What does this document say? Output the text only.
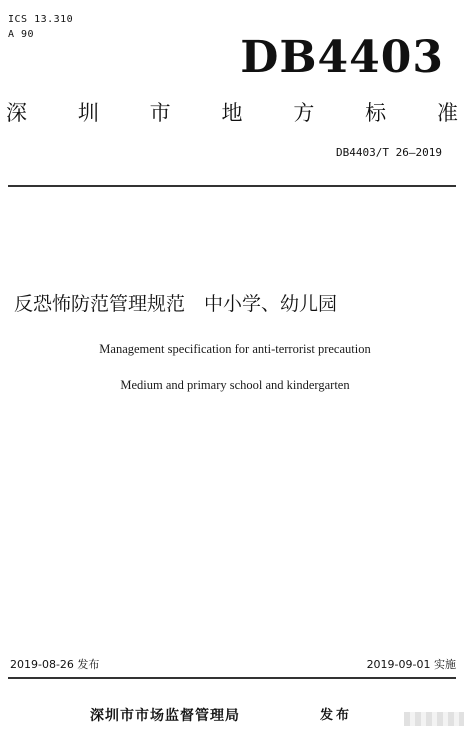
ICS 13.310
A 90	DB4403
深 圳 市 地 方 标 准
DB4403/T 26—2019
反恐怖防范管理规范　中小学、幼儿园
Management specification for anti-terrorist precaution
Medium and primary school and kindergarten
2019-08-26 发布	2019-09-01 实施
深圳市市场监督管理局	发布
